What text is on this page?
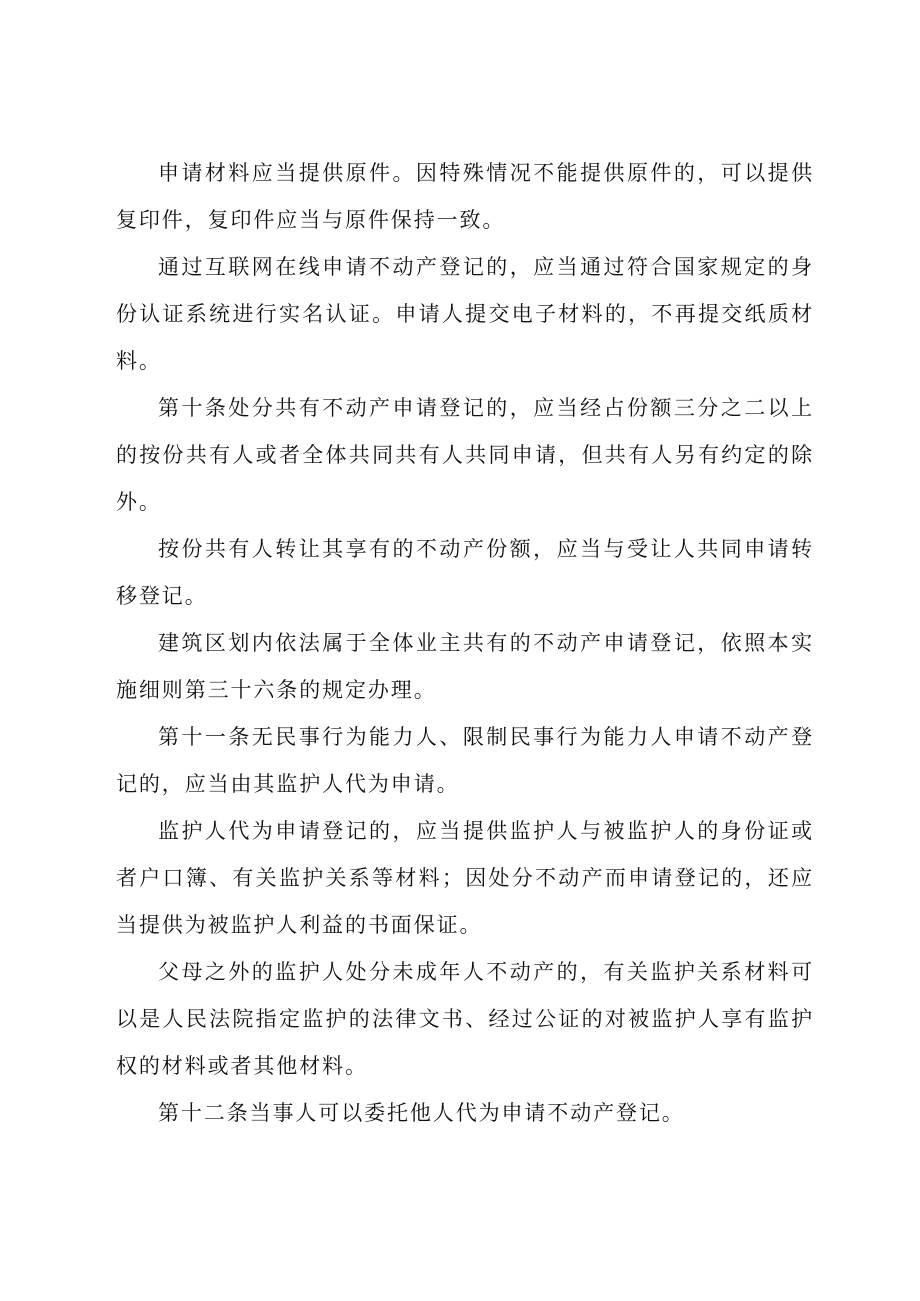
申请材料应当提供原件。因特殊情况不能提供原件的，可以提供复印件，复印件应当与原件保持一致。

通过互联网在线申请不动产登记的，应当通过符合国家规定的身份认证系统进行实名认证。申请人提交电子材料的，不再提交纸质材料。

第十条处分共有不动产申请登记的，应当经占份额三分之二以上的按份共有人或者全体共同共有人共同申请，但共有人另有约定的除外。

按份共有人转让其享有的不动产份额，应当与受让人共同申请转移登记。

建筑区划内依法属于全体业主共有的不动产申请登记，依照本实施细则第三十六条的规定办理。

第十一条无民事行为能力人、限制民事行为能力人申请不动产登记的，应当由其监护人代为申请。

监护人代为申请登记的，应当提供监护人与被监护人的身份证或者户口簿、有关监护关系等材料；因处分不动产而申请登记的，还应当提供为被监护人利益的书面保证。

父母之外的监护人处分未成年人不动产的，有关监护关系材料可以是人民法院指定监护的法律文书、经过公证的对被监护人享有监护权的材料或者其他材料。

第十二条当事人可以委托他人代为申请不动产登记。
